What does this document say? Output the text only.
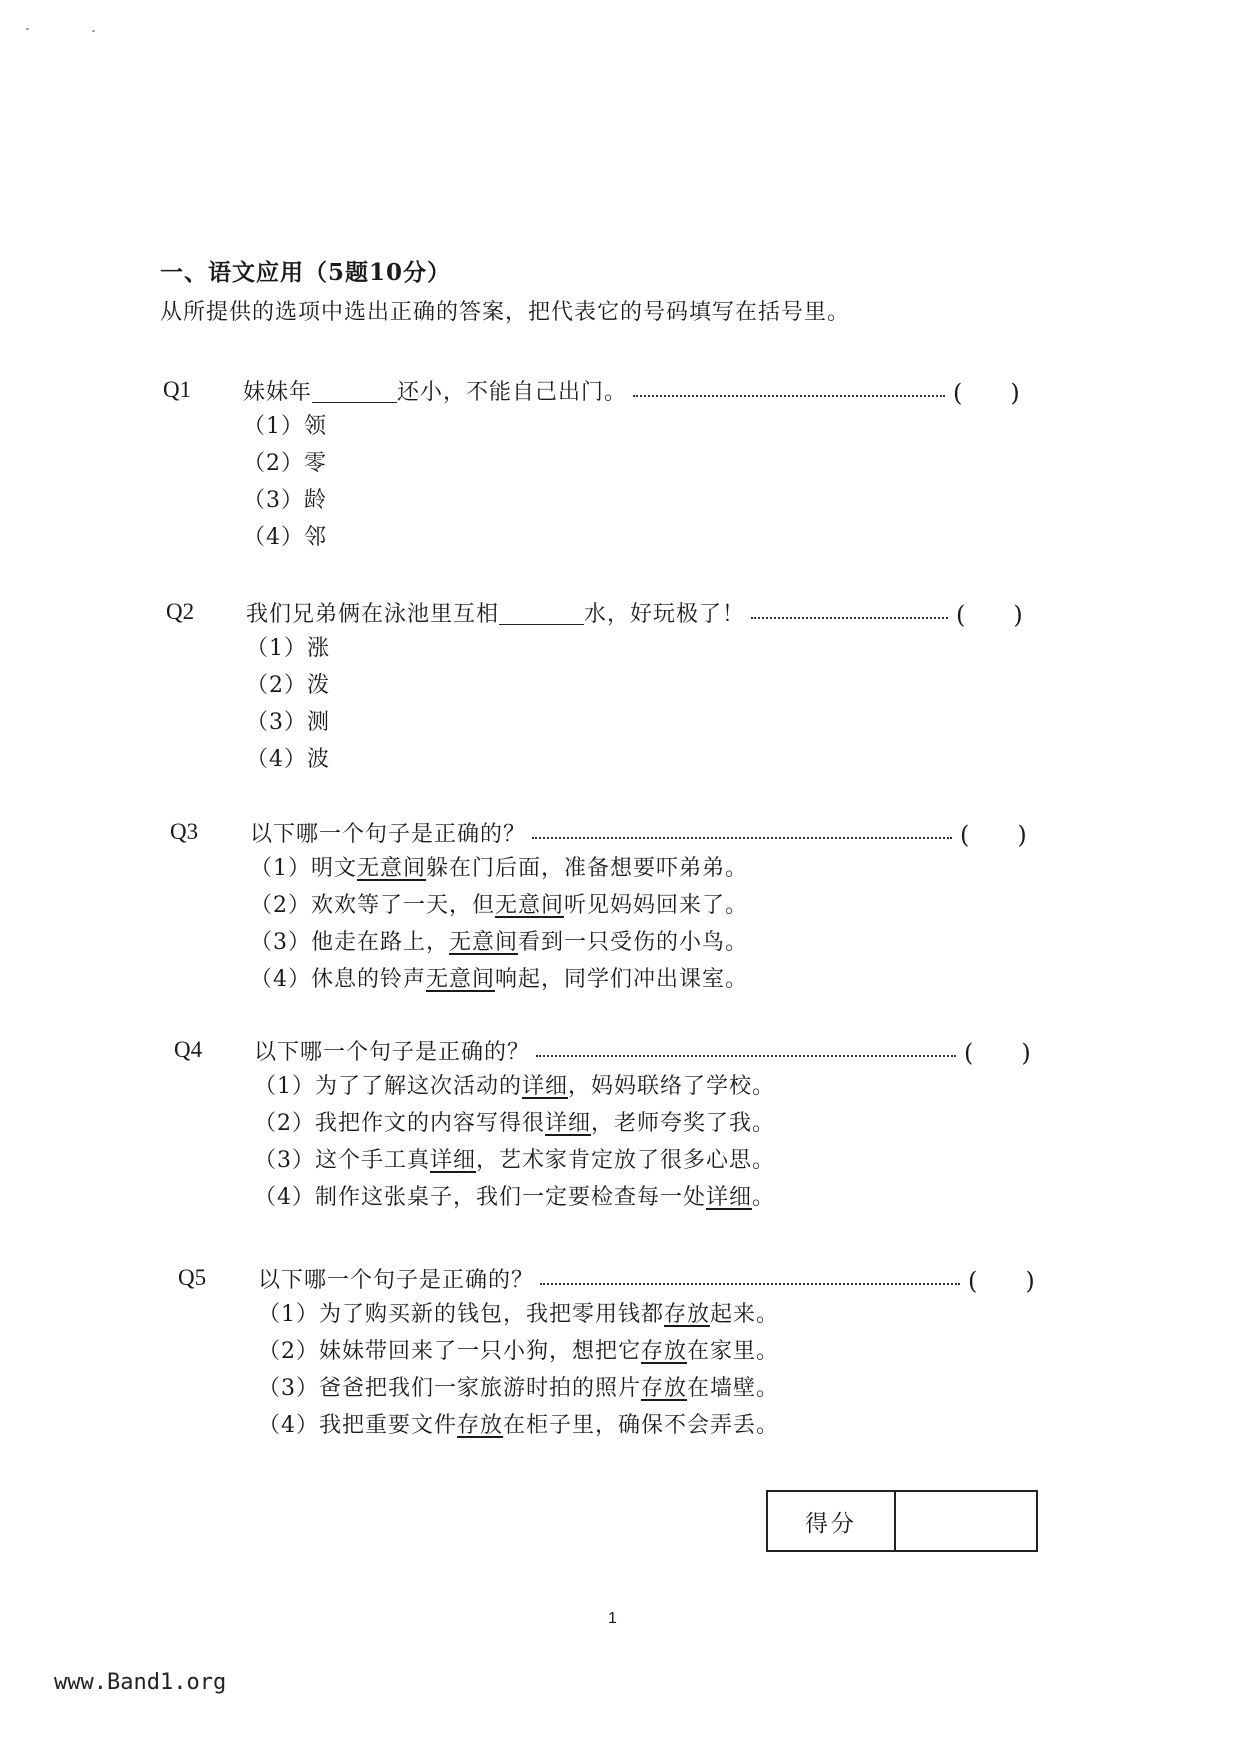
一、语文应用（5题10分）
从所提供的选项中选出正确的答案，把代表它的号码填写在括号里。
Q1	妹妹年	还小，不能自己出门。	(　　)
（1）领
（2）零
（3）龄
（4）邻
Q2	我们兄弟俩在泳池里互相	水，好玩极了！	(　　)
（1）涨
（2）泼
（3）测
（4）波
Q3	以下哪一个句子是正确的？	(　　)
（1）明文无意间躲在门后面，准备想要吓弟弟。
（2）欢欢等了一天，但无意间听见妈妈回来了。
（3）他走在路上，无意间看到一只受伤的小鸟。
（4）休息的铃声无意间响起，同学们冲出课室。
Q4	以下哪一个句子是正确的？	(　　)
（1）为了了解这次活动的详细，妈妈联络了学校。
（2）我把作文的内容写得很详细，老师夸奖了我。
（3）这个手工真详细，艺术家肯定放了很多心思。
（4）制作这张桌子，我们一定要检查每一处详细。
Q5	以下哪一个句子是正确的？	(　　)
（1）为了购买新的钱包，我把零用钱都存放起来。
（2）妹妹带回来了一只小狗，想把它存放在家里。
（3）爸爸把我们一家旅游时拍的照片存放在墙壁。
（4）我把重要文件存放在柜子里，确保不会弄丢。
得分
1
www.Band1.org
